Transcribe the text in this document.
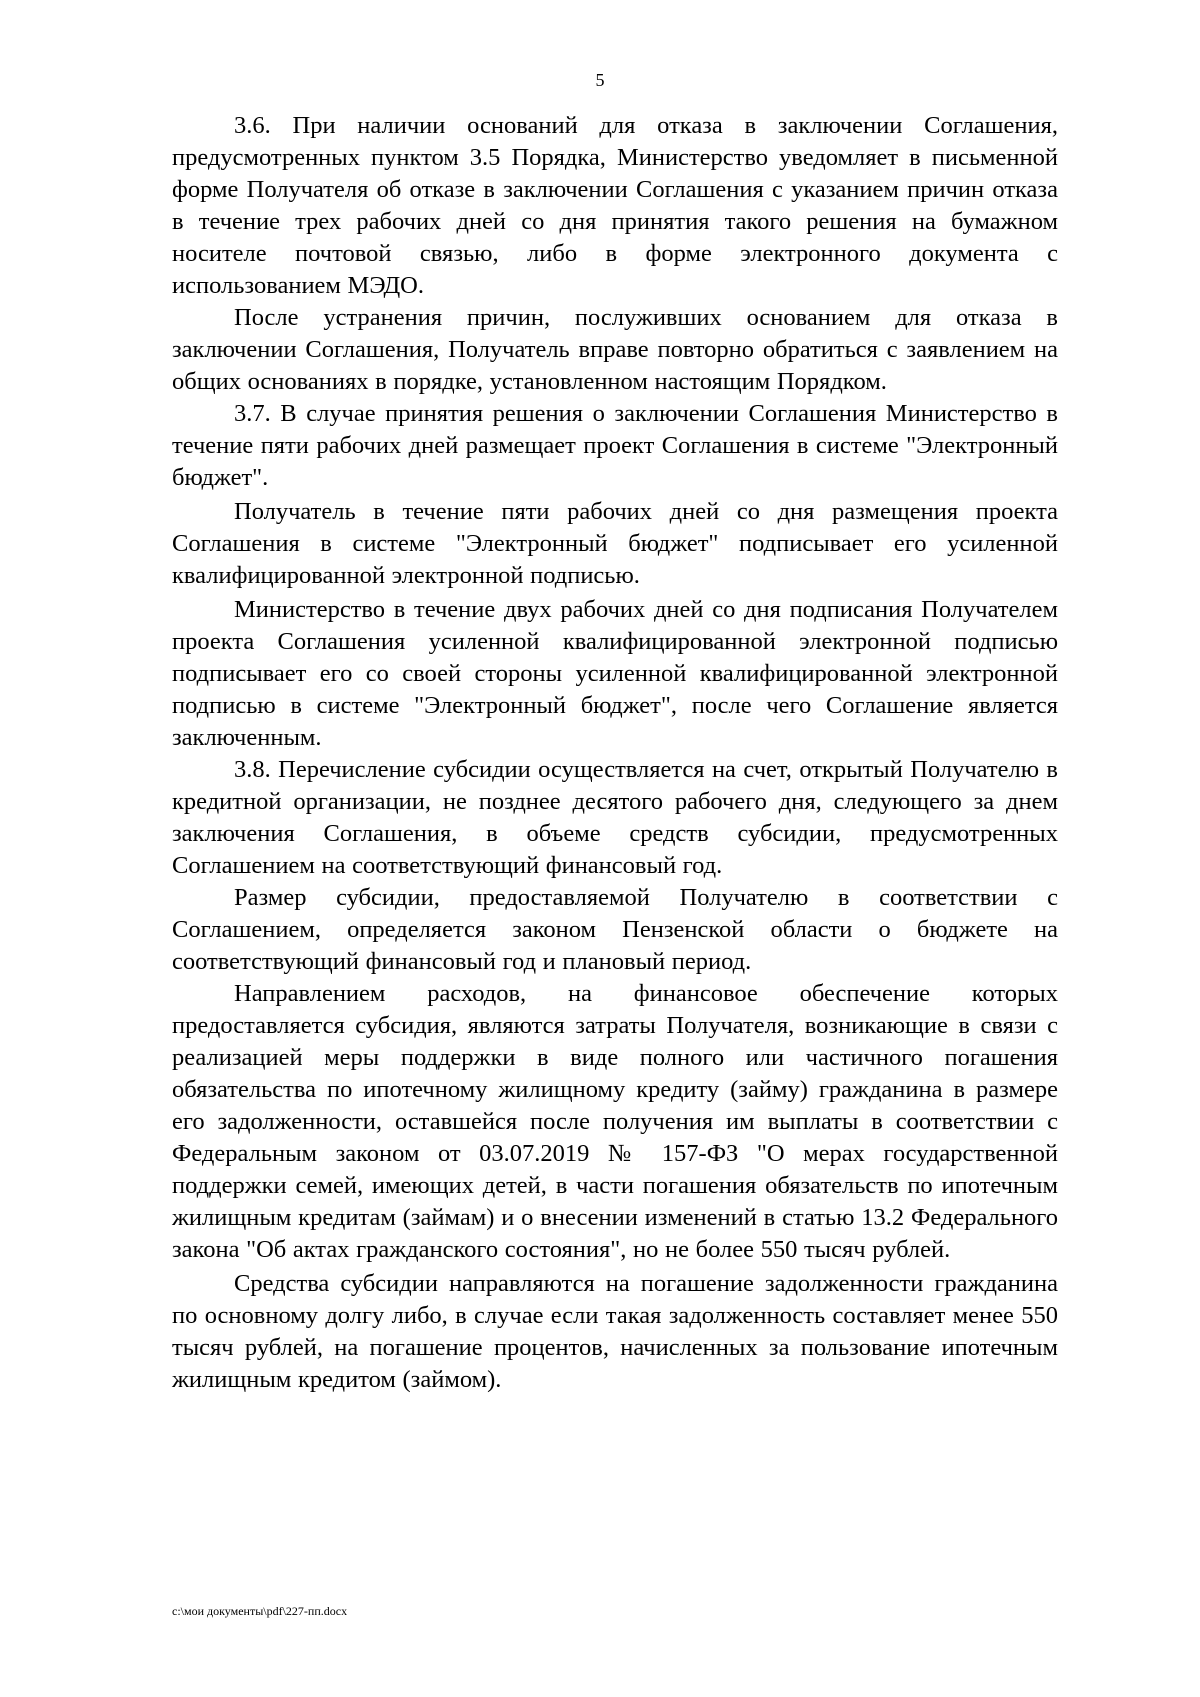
5

3.6. При наличии оснований для отказа в заключении Соглашения, предусмотренных пунктом 3.5 Порядка, Министерство уведомляет в письменной форме Получателя об отказе в заключении Соглашения с указанием причин отказа в течение трех рабочих дней со дня принятия такого решения на бумажном носителе почтовой связью, либо в форме электронного документа с использованием МЭДО.

После устранения причин, послуживших основанием для отказа в заключении Соглашения, Получатель вправе повторно обратиться с заявлением на общих основаниях в порядке, установленном настоящим Порядком.

3.7. В случае принятия решения о заключении Соглашения Министерство в течение пяти рабочих дней размещает проект Соглашения в системе "Электронный бюджет".

Получатель в течение пяти рабочих дней со дня размещения проекта Соглашения в системе "Электронный бюджет" подписывает его усиленной квалифицированной электронной подписью.

Министерство в течение двух рабочих дней со дня подписания Получателем проекта Соглашения усиленной квалифицированной электронной подписью подписывает его со своей стороны усиленной квалифицированной электронной подписью в системе "Электронный бюджет", после чего Соглашение является заключенным.

3.8. Перечисление субсидии осуществляется на счет, открытый Получателю в кредитной организации, не позднее десятого рабочего дня, следующего за днем заключения Соглашения, в объеме средств субсидии, предусмотренных Соглашением на соответствующий финансовый год.

Размер субсидии, предоставляемой Получателю в соответствии с Соглашением, определяется законом Пензенской области о бюджете на соответствующий финансовый год и плановый период.

Направлением расходов, на финансовое обеспечение которых предоставляется субсидия, являются затраты Получателя, возникающие в связи с реализацией меры поддержки в виде полного или частичного погашения обязательства по ипотечному жилищному кредиту (займу) гражданина в размере его задолженности, оставшейся после получения им выплаты в соответствии с Федеральным законом от 03.07.2019 № 157-ФЗ "О мерах государственной поддержки семей, имеющих детей, в части погашения обязательств по ипотечным жилищным кредитам (займам) и о внесении изменений в статью 13.2 Федерального закона "Об актах гражданского состояния", но не более 550 тысяч рублей.

Средства субсидии направляются на погашение задолженности гражданина по основному долгу либо, в случае если такая задолженность составляет менее 550 тысяч рублей, на погашение процентов, начисленных за пользование ипотечным жилищным кредитом (займом).

c:\мои документы\pdf\227-пп.docx
